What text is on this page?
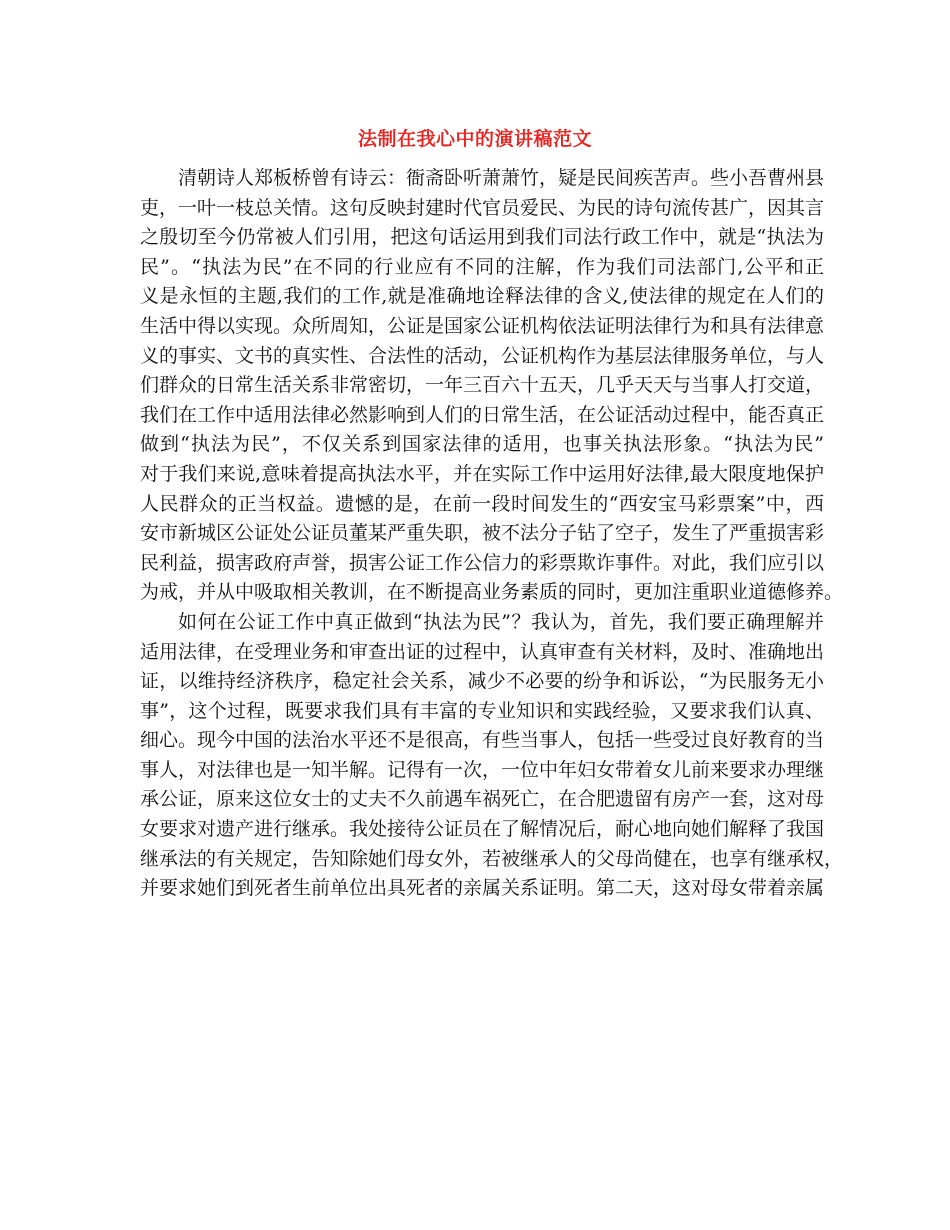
法制在我心中的演讲稿范文
清朝诗人郑板桥曾有诗云：衙斋卧听萧萧竹，疑是民间疾苦声。些小吾曹州县
吏，一叶一枝总关情。这句反映封建时代官员爱民、为民的诗句流传甚广，因其言
之殷切至今仍常被人们引用，把这句话运用到我们司法行政工作中，就是“执法为
民”。“执法为民”在不同的行业应有不同的注解，作为我们司法部门,公平和正
义是永恒的主题,我们的工作,就是准确地诠释法律的含义,使法律的规定在人们的
生活中得以实现。众所周知，公证是国家公证机构依法证明法律行为和具有法律意
义的事实、文书的真实性、合法性的活动，公证机构作为基层法律服务单位，与人
们群众的日常生活关系非常密切，一年三百六十五天，几乎天天与当事人打交道，
我们在工作中适用法律必然影响到人们的日常生活，在公证活动过程中，能否真正
做到“执法为民”，不仅关系到国家法律的适用，也事关执法形象。“执法为民”
对于我们来说,意味着提高执法水平，并在实际工作中运用好法律,最大限度地保护
人民群众的正当权益。遗憾的是，在前一段时间发生的“西安宝马彩票案”中，西
安市新城区公证处公证员董某严重失职，被不法分子钻了空子，发生了严重损害彩
民利益，损害政府声誉，损害公证工作公信力的彩票欺诈事件。对此，我们应引以
为戒，并从中吸取相关教训，在不断提高业务素质的同时，更加注重职业道德修养。
如何在公证工作中真正做到“执法为民”？我认为，首先，我们要正确理解并
适用法律，在受理业务和审查出证的过程中，认真审查有关材料，及时、准确地出
证，以维持经济秩序，稳定社会关系，减少不必要的纷争和诉讼，“为民服务无小
事”，这个过程，既要求我们具有丰富的专业知识和实践经验，又要求我们认真、
细心。现今中国的法治水平还不是很高，有些当事人，包括一些受过良好教育的当
事人，对法律也是一知半解。记得有一次，一位中年妇女带着女儿前来要求办理继
承公证，原来这位女士的丈夫不久前遇车祸死亡，在合肥遗留有房产一套，这对母
女要求对遗产进行继承。我处接待公证员在了解情况后，耐心地向她们解释了我国
继承法的有关规定，告知除她们母女外，若被继承人的父母尚健在，也享有继承权，
并要求她们到死者生前单位出具死者的亲属关系证明。第二天，这对母女带着亲属
